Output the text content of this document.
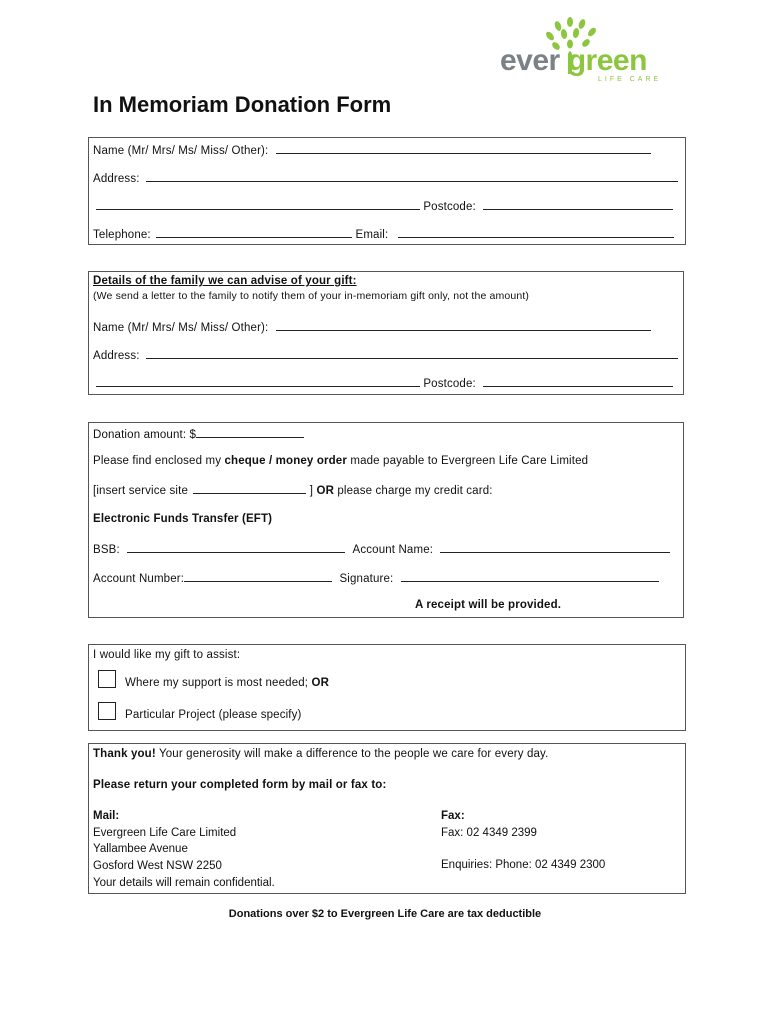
ever green
LIFE CARE
In Memoriam Donation Form
Name (Mr/ Mrs/ Ms/ Miss/ Other):
Address:
Postcode:
Telephone:	Email:
Details of the family we can advise of your gift:
(We send a letter to the family to notify them of your in-memoriam gift only, not the amount)
Name (Mr/ Mrs/ Ms/ Miss/ Other):
Address:
Postcode:
Donation amount: $
Please find enclosed my cheque / money order made payable to Evergreen Life Care Limited
[insert service site	] OR please charge my credit card:
Electronic Funds Transfer (EFT)
BSB:	Account Name:
Account Number:	Signature:
A receipt will be provided.
I would like my gift to assist:
Where my support is most needed; OR
Particular Project (please specify)
Thank you! Your generosity will make a difference to the people we care for every day.
Please return your completed form by mail or fax to:
Mail:
Evergreen Life Care Limited
Yallambee Avenue
Gosford West NSW 2250
Your details will remain confidential.
Fax:
Fax: 02 4349 2399
Enquiries: Phone: 02 4349 2300
Donations over $2 to Evergreen Life Care are tax deductible
